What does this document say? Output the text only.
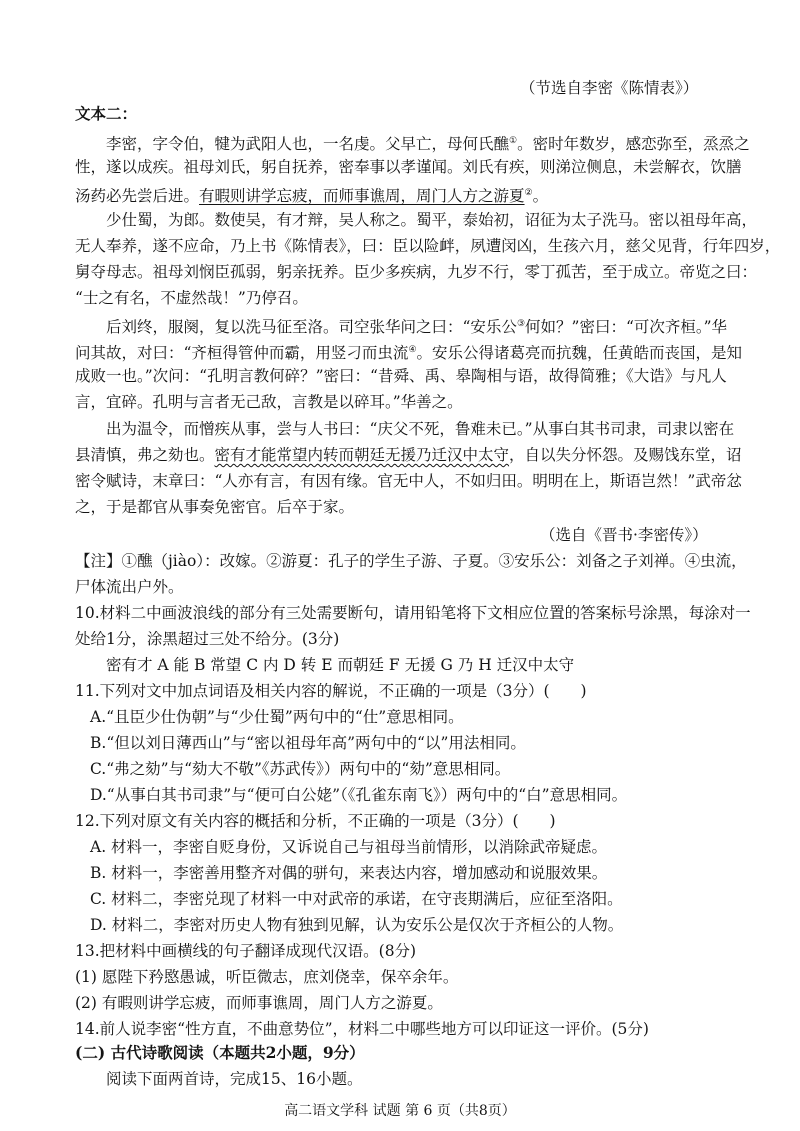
（节选自李密《陈情表》）
文本二：
李密，字令伯，犍为武阳人也，一名虔。父早亡，母何氏醮①。密时年数岁，感恋弥至，烝烝之
性，遂以成疾。祖母刘氏，躬自抚养，密奉事以孝谨闻。刘氏有疾，则涕泣侧息，未尝解衣，饮膳
汤药必先尝后进。有暇则讲学忘疲，而师事谯周，周门人方之游夏②。
少仕蜀，为郎。数使吴，有才辩，吴人称之。蜀平，泰始初，诏征为太子洗马。密以祖母年高，
无人奉养，遂不应命，乃上书《陈情表》，曰：臣以险衅，夙遭闵凶，生孩六月，慈父见背，行年四岁，
舅夺母志。祖母刘悯臣孤弱，躬亲抚养。臣少多疾病，九岁不行，零丁孤苦，至于成立。帝览之曰：
“士之有名，不虚然哉！”乃停召。
后刘终，服阕，复以洗马征至洛。司空张华问之曰：“安乐公③何如？”密曰：“可次齐桓。”华
问其故，对曰：“齐桓得管仲而霸，用竖刁而虫流④。安乐公得诸葛亮而抗魏，任黄皓而丧国，是知
成败一也。”次问：“孔明言教何碎？”密曰：“昔舜、禹、皋陶相与语，故得简雅；《大诰》与凡人
言，宜碎。孔明与言者无己敌，言教是以碎耳。”华善之。
出为温令，而憎疾从事，尝与人书曰：“庆父不死，鲁难未已。”从事白其书司隶，司隶以密在
县清慎，弗之劾也。密有才能常望内转而朝廷无援乃迁汉中太守，自以失分怀怨。及赐饯东堂，诏
密令赋诗，末章曰：“人亦有言，有因有缘。官无中人，不如归田。明明在上，斯语岂然！”武帝忿
之，于是都官从事奏免密官。后卒于家。
（选自《晋书·李密传》）
【注】①醮（jiào）：改嫁。②游夏：孔子的学生子游、子夏。③安乐公：刘备之子刘禅。④虫流，
尸体流出户外。
10.材料二中画波浪线的部分有三处需要断句，请用铅笔将下文相应位置的答案标号涂黑，每涂对一
处给1分，涂黑超过三处不给分。(3分)
密有才 A 能 B 常望 C 内 D 转 E 而朝廷 F 无援 G 乃 H 迁汉中太守
11.下列对文中加点词语及相关内容的解说，不正确的一项是（3分）(　　)
A.“且臣少仕伪朝”与“少仕蜀”两句中的“仕”意思相同。
B.“但以刘日薄西山”与“密以祖母年高”两句中的“以”用法相同。
C.“弗之劾”与“劾大不敬”《苏武传》）两句中的“劾”意思相同。
D.“从事白其书司隶”与“便可白公姥”（《孔雀东南飞》）两句中的“白”意思相同。
12.下列对原文有关内容的概括和分析，不正确的一项是（3分）(　　)
A. 材料一，李密自贬身份，又诉说自己与祖母当前情形，以消除武帝疑虑。
B. 材料一，李密善用整齐对偶的骈句，来表达内容，增加感动和说服效果。
C. 材料二，李密兑现了材料一中对武帝的承诺，在守丧期满后，应征至洛阳。
D. 材料二，李密对历史人物有独到见解，认为安乐公是仅次于齐桓公的人物。
13.把材料中画横线的句子翻译成现代汉语。(8分)
(1) 愿陛下矜愍愚诚，听臣微志，庶刘侥幸，保卒余年。
(2) 有暇则讲学忘疲，而师事谯周，周门人方之游夏。
14.前人说李密“性方直，不曲意势位”，材料二中哪些地方可以印证这一评价。(5分)
(二) 古代诗歌阅读（本题共2小题，9分）
阅读下面两首诗，完成15、16小题。
高二语文学科 试题 第 6 页（共8页）
